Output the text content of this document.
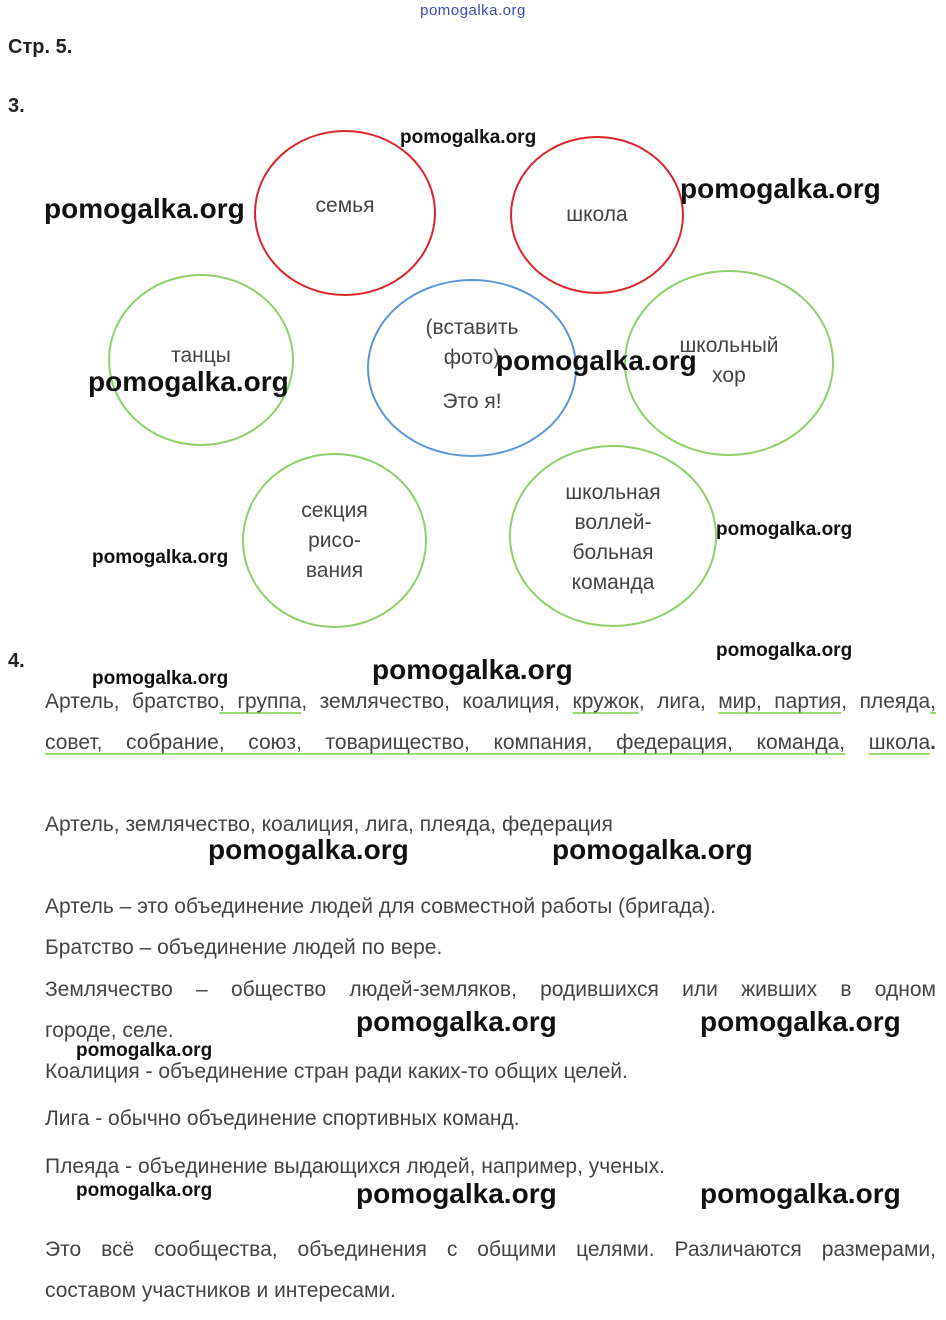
pomogalka.org
Стр. 5.
3.
семья	школа
танцы
(вставить
фото)
Это я!
школьный
хор
секция
рисо-
вания
школьная
воллей-
больная
команда
4.
Артель, братство, группа, землячество, коалиция, кружок, лига, мир, партия, плеяда, совет, собрание, союз, товарищество, компания, федерация, команда, школа.
Артель, землячество, коалиция, лига, плеяда, федерация
Артель – это объединение людей для совместной работы (бригада).
Братство – объединение людей по вере.
Землячество – общество людей-земляков, родившихся или живших в одном
городе, селе.
Коалиция - объединение стран ради каких-то общих целей.
Лига - обычно объединение спортивных команд.
Плеяда - объединение выдающихся людей, например, ученых.
Это всё сообщества, объединения с общими целями. Различаются размерами,
составом участников и интересами.
pomogalka.org
pomogalka.org
pomogalka.org
pomogalka.org
pomogalka.org
pomogalka.org
pomogalka.org
pomogalka.org
pomogalka.org
pomogalka.org
pomogalka.org	pomogalka.org
pomogalka.org	pomogalka.org
pomogalka.org
pomogalka.org	pomogalka.org	pomogalka.org
